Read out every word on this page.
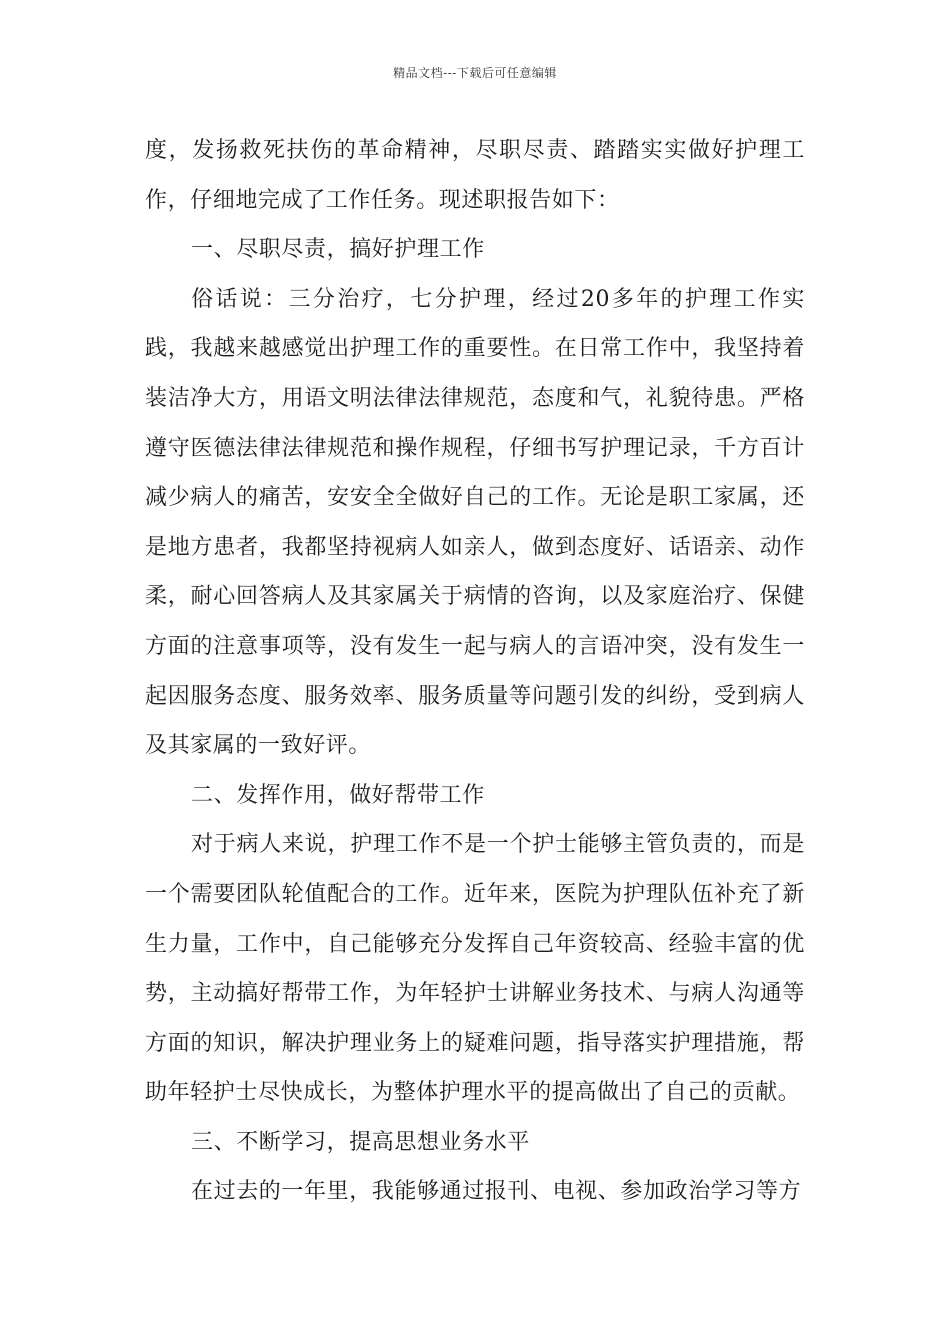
精品文档---下载后可任意编辑

度，发扬救死扶伤的革命精神，尽职尽责、踏踏实实做好护理工作，仔细地完成了工作任务。现述职报告如下：

一、尽职尽责，搞好护理工作

俗话说：三分治疗，七分护理，经过20多年的护理工作实践，我越来越感觉出护理工作的重要性。在日常工作中，我坚持着装洁净大方，用语文明法律法律规范，态度和气，礼貌待患。严格遵守医德法律法律规范和操作规程，仔细书写护理记录，千方百计减少病人的痛苦，安安全全做好自己的工作。无论是职工家属，还是地方患者，我都坚持视病人如亲人，做到态度好、话语亲、动作柔，耐心回答病人及其家属关于病情的咨询，以及家庭治疗、保健方面的注意事项等，没有发生一起与病人的言语冲突，没有发生一起因服务态度、服务效率、服务质量等问题引发的纠纷，受到病人及其家属的一致好评。

二、发挥作用，做好帮带工作

对于病人来说，护理工作不是一个护士能够主管负责的，而是一个需要团队轮值配合的工作。近年来，医院为护理队伍补充了新生力量，工作中，自己能够充分发挥自己年资较高、经验丰富的优势，主动搞好帮带工作，为年轻护士讲解业务技术、与病人沟通等方面的知识，解决护理业务上的疑难问题，指导落实护理措施，帮助年轻护士尽快成长，为整体护理水平的提高做出了自己的贡献。

三、不断学习，提高思想业务水平

在过去的一年里，我能够通过报刊、电视、参加政治学习等方
